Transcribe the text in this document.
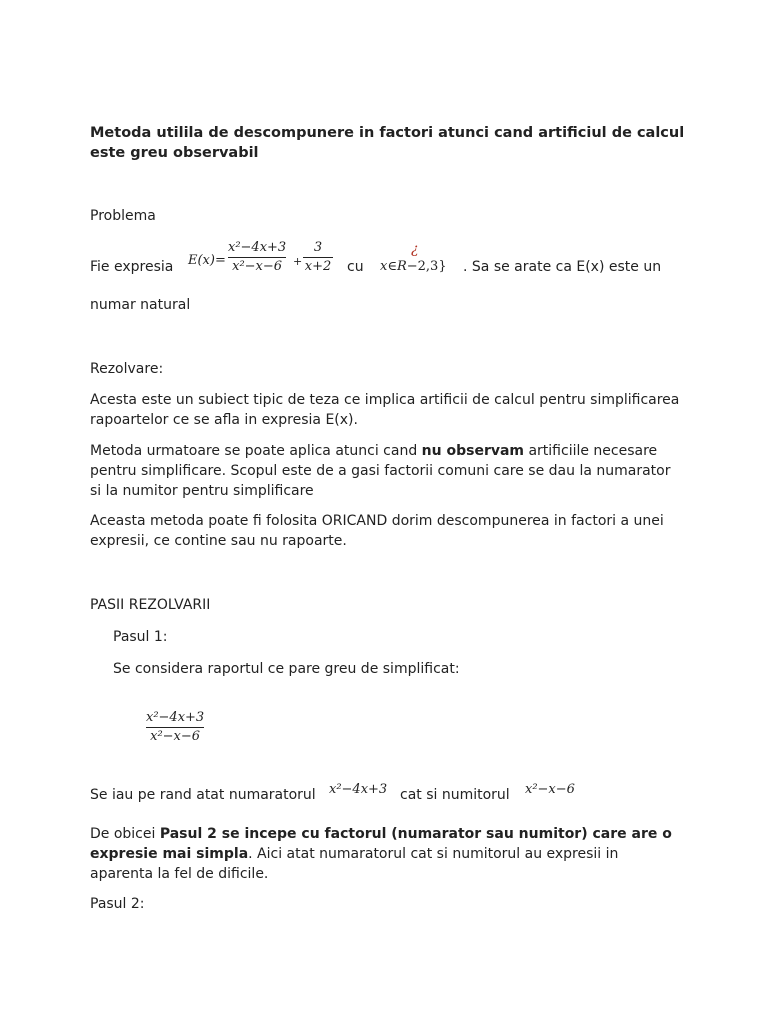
Metoda utilila de descompunere in factori atunci cand artificiul de calcul este greu observabil
Problema
Fie expresia E(x)=
x²−4x+3
x²−x−6 +
3
x+2 cu
¿
x∈R−2,3} . Sa se arate ca E(x) este un
numar natural
Rezolvare:
Acesta este un subiect tipic de teza ce implica artificii de calcul pentru simplificarea rapoartelor ce se afla in expresia E(x).
Metoda urmatoare se poate aplica atunci cand nu observam artificiile necesare pentru simplificare. Scopul este de a gasi factorii comuni care se dau la numarator si la numitor pentru simplificare
Aceasta metoda poate fi folosita ORICAND dorim descompunerea in factori a unei expresii, ce contine sau nu rapoarte.
PASII REZOLVARII
Pasul 1:
Se considera raportul ce pare greu de simplificat:
x²−4x+3
x²−x−6
Se iau pe rand atat numaratorul x²−4x+3 cat si numitorul x²−x−6
De obicei Pasul 2 se incepe cu factorul (numarator sau numitor) care are o expresie mai simpla. Aici atat numaratorul cat si numitorul au expresii in aparenta la fel de dificile.
Pasul 2:
